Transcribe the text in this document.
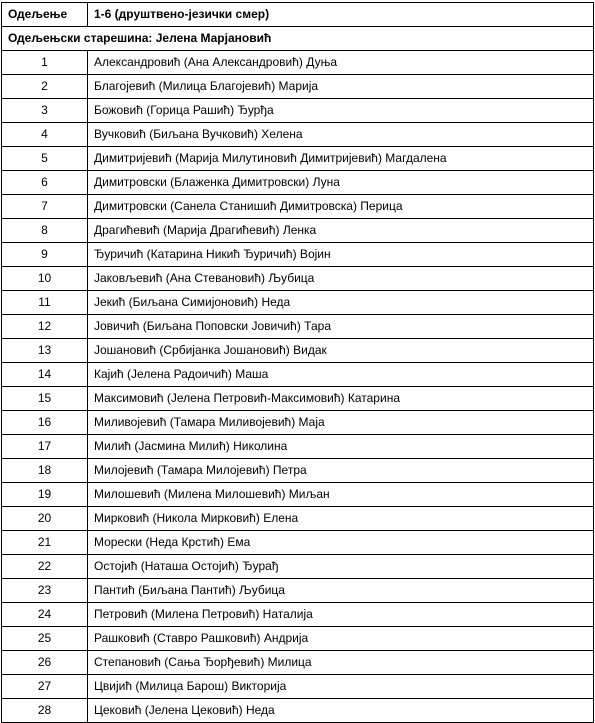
Одељење	1-6 (друштвено-језички смер)
Одељењски старешина: Јелена Марјановић	
1	Александровић (Ана Александровић) Дуња
2	Благојевић (Милица Благојевић) Марија
3	Божовић (Горица Рашић) Ђурђа
4	Вучковић (Биљана Вучковић) Хелена
5	Димитријевић (Марија Милутиновић Димитријевић) Магдалена
6	Димитровски (Блаженка Димитровски) Луна
7	Димитровски (Санела Станишић Димитровска) Перица
8	Драгићевић (Марија Драгићевић) Ленка
9	Ђуричић (Катарина Никић Ђуричић) Војин
10	Јаковљевић (Ана Стевановић) Љубица
11	Јекић (Биљана Симијоновић) Неда
12	Јовичић (Биљана Поповски Јовичић) Тара
13	Јошановић (Србијанка Јошановић) Видак
14	Кајић (Јелена Радоичић) Маша
15	Максимовић (Јелена Петровић-Максимовић) Катарина
16	Миливојевић (Тамара Миливојевић) Маја
17	Милић (Јасмина Милић) Николина
18	Милојевић (Тамара Милојевић) Петра
19	Милошевић (Милена Милошевић) Миљан
20	Мирковић (Никола Мирковић) Елена
21	Морески (Неда Крстић) Ема
22	Остојић (Наташа Остојић) Ђурађ
23	Пантић (Биљана Пантић) Љубица
24	Петровић (Милена Петровић) Наталија
25	Рашковић (Ставро Рашковић) Андрија
26	Степановић (Сања Ђорђевић) Милица
27	Цвијић (Милица Барош) Викторија
28	Цековић (Јелена Цековић) Неда
